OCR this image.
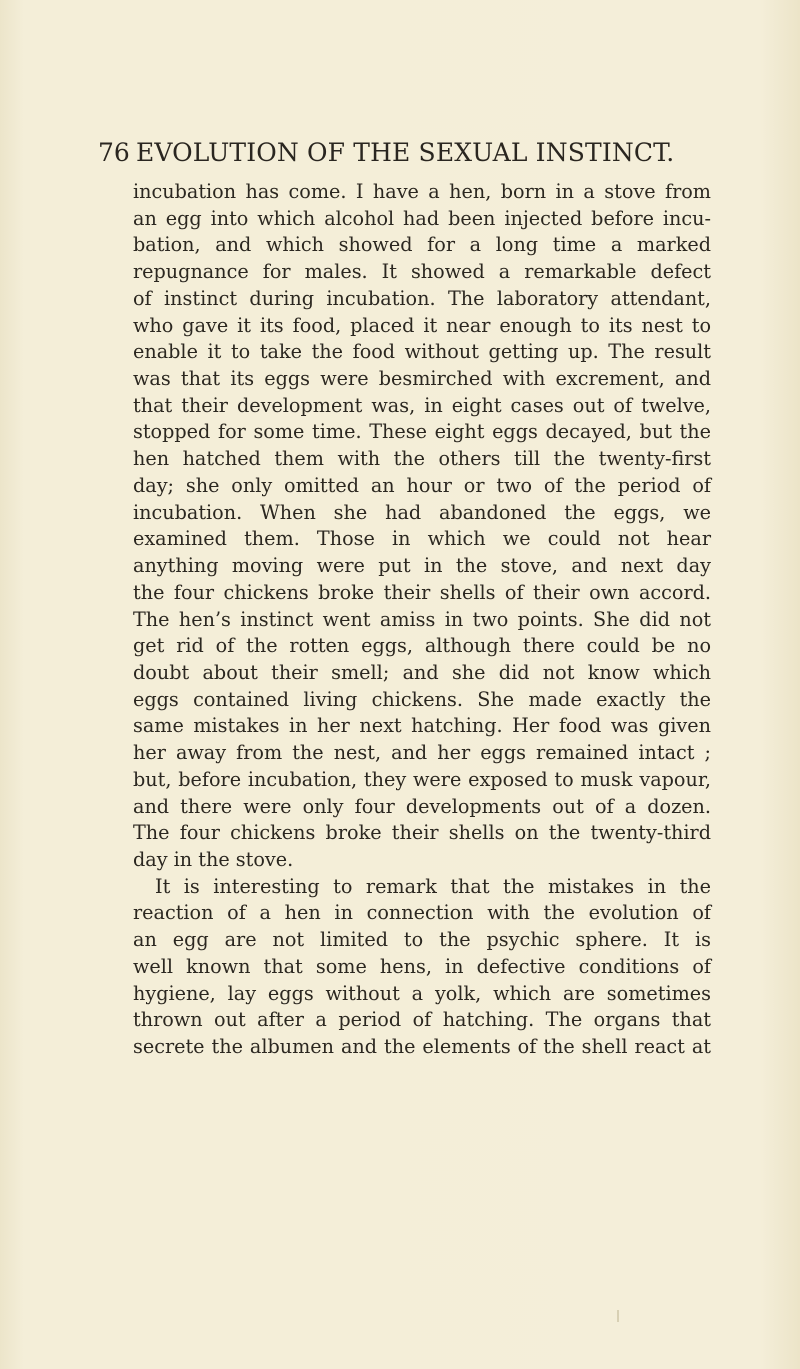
76 EVOLUTION OF THE SEXUAL INSTINCT.
incubation has come. I have a hen, born in a stove from
an egg into which alcohol had been injected before incu-
bation, and which showed for a long time a marked
repugnance for males. It showed a remarkable defect
of instinct during incubation. The laboratory attendant,
who gave it its food, placed it near enough to its nest to
enable it to take the food without getting up. The result
was that its eggs were besmirched with excrement, and
that their development was, in eight cases out of twelve,
stopped for some time. These eight eggs decayed, but the
hen hatched them with the others till the twenty-first
day; she only omitted an hour or two of the period of
incubation. When she had abandoned the eggs, we
examined them. Those in which we could not hear
anything moving were put in the stove, and next day
the four chickens broke their shells of their own accord.
The hen’s instinct went amiss in two points. She did not
get rid of the rotten eggs, although there could be no
doubt about their smell; and she did not know which
eggs contained living chickens. She made exactly the
same mistakes in her next hatching. Her food was given
her away from the nest, and her eggs remained intact ;
but, before incubation, they were exposed to musk vapour,
and there were only four developments out of a dozen.
The four chickens broke their shells on the twenty-third
day in the stove.
It is interesting to remark that the mistakes in the
reaction of a hen in connection with the evolution of
an egg are not limited to the psychic sphere. It is
well known that some hens, in defective conditions of
hygiene, lay eggs without a yolk, which are sometimes
thrown out after a period of hatching. The organs that
secrete the albumen and the elements of the shell react at
